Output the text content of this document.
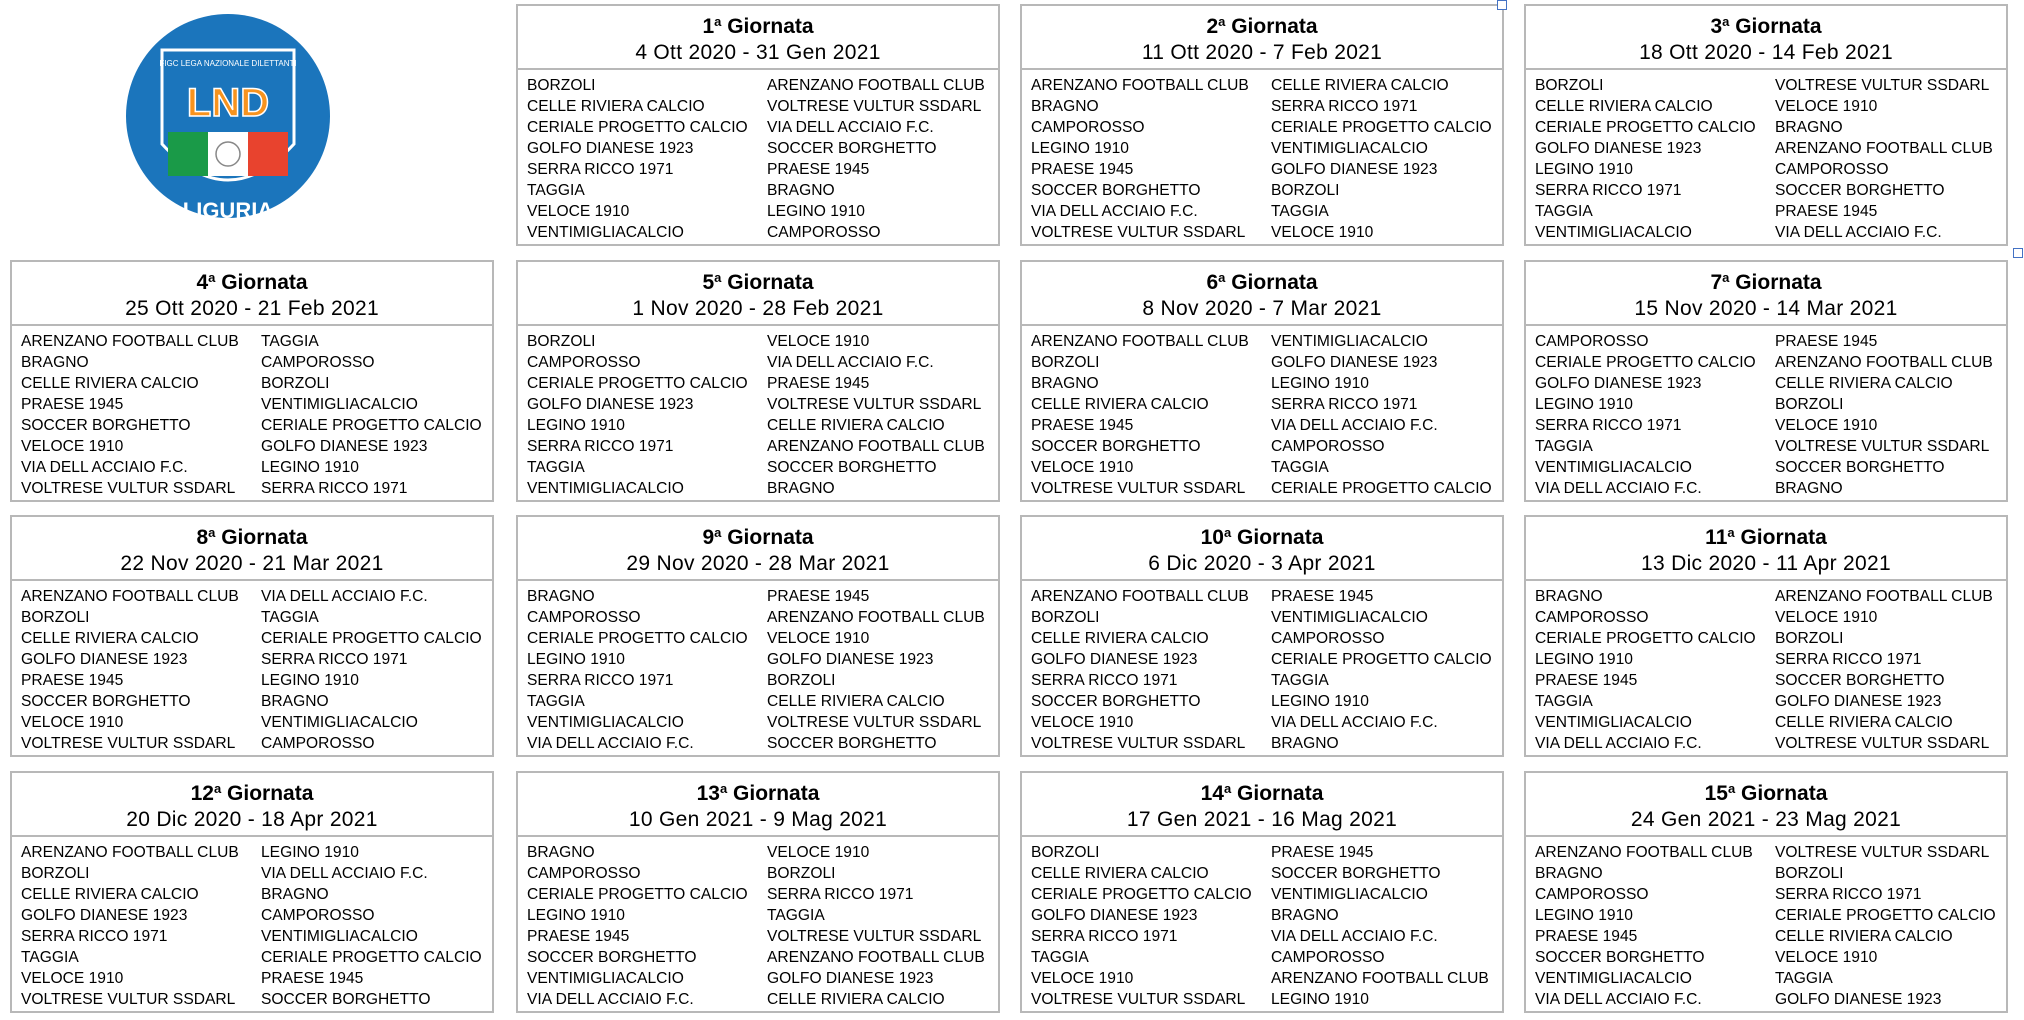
FIGC LEGA NAZIONALE DILETTANTI
LND
LIGURIA
1$^a$ Giornata
4 Ott 2020 - 31 Gen 2021
BORZOLI	ARENZANO FOOTBALL CLUB
CELLE RIVIERA CALCIO	VOLTRESE VULTUR SSDARL
CERIALE PROGETTO CALCIO	VIA DELL ACCIAIO F.C.
GOLFO DIANESE 1923	SOCCER BORGHETTO
SERRA RICCO 1971	PRAESE 1945
TAGGIA	BRAGNO
VELOCE 1910	LEGINO 1910
VENTIMIGLIACALCIO	CAMPOROSSO
2$^a$ Giornata
11 Ott 2020 - 7 Feb 2021
ARENZANO FOOTBALL CLUB	CELLE RIVIERA CALCIO
BRAGNO	SERRA RICCO 1971
CAMPOROSSO	CERIALE PROGETTO CALCIO
LEGINO 1910	VENTIMIGLIACALCIO
PRAESE 1945	GOLFO DIANESE 1923
SOCCER BORGHETTO	BORZOLI
VIA DELL ACCIAIO F.C.	TAGGIA
VOLTRESE VULTUR SSDARL	VELOCE 1910
3$^a$ Giornata
18 Ott 2020 - 14 Feb 2021
BORZOLI	VOLTRESE VULTUR SSDARL
CELLE RIVIERA CALCIO	VELOCE 1910
CERIALE PROGETTO CALCIO	BRAGNO
GOLFO DIANESE 1923	ARENZANO FOOTBALL CLUB
LEGINO 1910	CAMPOROSSO
SERRA RICCO 1971	SOCCER BORGHETTO
TAGGIA	PRAESE 1945
VENTIMIGLIACALCIO	VIA DELL ACCIAIO F.C.
4$^a$ Giornata
25 Ott 2020 - 21 Feb 2021
ARENZANO FOOTBALL CLUB	TAGGIA
BRAGNO	CAMPOROSSO
CELLE RIVIERA CALCIO	BORZOLI
PRAESE 1945	VENTIMIGLIACALCIO
SOCCER BORGHETTO	CERIALE PROGETTO CALCIO
VELOCE 1910	GOLFO DIANESE 1923
VIA DELL ACCIAIO F.C.	LEGINO 1910
VOLTRESE VULTUR SSDARL	SERRA RICCO 1971
5$^a$ Giornata
1 Nov 2020 - 28 Feb 2021
BORZOLI	VELOCE 1910
CAMPOROSSO	VIA DELL ACCIAIO F.C.
CERIALE PROGETTO CALCIO	PRAESE 1945
GOLFO DIANESE 1923	VOLTRESE VULTUR SSDARL
LEGINO 1910	CELLE RIVIERA CALCIO
SERRA RICCO 1971	ARENZANO FOOTBALL CLUB
TAGGIA	SOCCER BORGHETTO
VENTIMIGLIACALCIO	BRAGNO
6$^a$ Giornata
8 Nov 2020 - 7 Mar 2021
ARENZANO FOOTBALL CLUB	VENTIMIGLIACALCIO
BORZOLI	GOLFO DIANESE 1923
BRAGNO	LEGINO 1910
CELLE RIVIERA CALCIO	SERRA RICCO 1971
PRAESE 1945	VIA DELL ACCIAIO F.C.
SOCCER BORGHETTO	CAMPOROSSO
VELOCE 1910	TAGGIA
VOLTRESE VULTUR SSDARL	CERIALE PROGETTO CALCIO
7$^a$ Giornata
15 Nov 2020 - 14 Mar 2021
CAMPOROSSO	PRAESE 1945
CERIALE PROGETTO CALCIO	ARENZANO FOOTBALL CLUB
GOLFO DIANESE 1923	CELLE RIVIERA CALCIO
LEGINO 1910	BORZOLI
SERRA RICCO 1971	VELOCE 1910
TAGGIA	VOLTRESE VULTUR SSDARL
VENTIMIGLIACALCIO	SOCCER BORGHETTO
VIA DELL ACCIAIO F.C.	BRAGNO
8$^a$ Giornata
22 Nov 2020 - 21 Mar 2021
ARENZANO FOOTBALL CLUB	VIA DELL ACCIAIO F.C.
BORZOLI	TAGGIA
CELLE RIVIERA CALCIO	CERIALE PROGETTO CALCIO
GOLFO DIANESE 1923	SERRA RICCO 1971
PRAESE 1945	LEGINO 1910
SOCCER BORGHETTO	BRAGNO
VELOCE 1910	VENTIMIGLIACALCIO
VOLTRESE VULTUR SSDARL	CAMPOROSSO
9$^a$ Giornata
29 Nov 2020 - 28 Mar 2021
BRAGNO	PRAESE 1945
CAMPOROSSO	ARENZANO FOOTBALL CLUB
CERIALE PROGETTO CALCIO	VELOCE 1910
LEGINO 1910	GOLFO DIANESE 1923
SERRA RICCO 1971	BORZOLI
TAGGIA	CELLE RIVIERA CALCIO
VENTIMIGLIACALCIO	VOLTRESE VULTUR SSDARL
VIA DELL ACCIAIO F.C.	SOCCER BORGHETTO
10$^a$ Giornata
6 Dic 2020 - 3 Apr 2021
ARENZANO FOOTBALL CLUB	PRAESE 1945
BORZOLI	VENTIMIGLIACALCIO
CELLE RIVIERA CALCIO	CAMPOROSSO
GOLFO DIANESE 1923	CERIALE PROGETTO CALCIO
SERRA RICCO 1971	TAGGIA
SOCCER BORGHETTO	LEGINO 1910
VELOCE 1910	VIA DELL ACCIAIO F.C.
VOLTRESE VULTUR SSDARL	BRAGNO
11$^a$ Giornata
13 Dic 2020 - 11 Apr 2021
BRAGNO	ARENZANO FOOTBALL CLUB
CAMPOROSSO	VELOCE 1910
CERIALE PROGETTO CALCIO	BORZOLI
LEGINO 1910	SERRA RICCO 1971
PRAESE 1945	SOCCER BORGHETTO
TAGGIA	GOLFO DIANESE 1923
VENTIMIGLIACALCIO	CELLE RIVIERA CALCIO
VIA DELL ACCIAIO F.C.	VOLTRESE VULTUR SSDARL
12$^a$ Giornata
20 Dic 2020 - 18 Apr 2021
ARENZANO FOOTBALL CLUB	LEGINO 1910
BORZOLI	VIA DELL ACCIAIO F.C.
CELLE RIVIERA CALCIO	BRAGNO
GOLFO DIANESE 1923	CAMPOROSSO
SERRA RICCO 1971	VENTIMIGLIACALCIO
TAGGIA	CERIALE PROGETTO CALCIO
VELOCE 1910	PRAESE 1945
VOLTRESE VULTUR SSDARL	SOCCER BORGHETTO
13$^a$ Giornata
10 Gen 2021 - 9 Mag 2021
BRAGNO	VELOCE 1910
CAMPOROSSO	BORZOLI
CERIALE PROGETTO CALCIO	SERRA RICCO 1971
LEGINO 1910	TAGGIA
PRAESE 1945	VOLTRESE VULTUR SSDARL
SOCCER BORGHETTO	ARENZANO FOOTBALL CLUB
VENTIMIGLIACALCIO	GOLFO DIANESE 1923
VIA DELL ACCIAIO F.C.	CELLE RIVIERA CALCIO
14$^a$ Giornata
17 Gen 2021 - 16 Mag 2021
BORZOLI	PRAESE 1945
CELLE RIVIERA CALCIO	SOCCER BORGHETTO
CERIALE PROGETTO CALCIO	VENTIMIGLIACALCIO
GOLFO DIANESE 1923	BRAGNO
SERRA RICCO 1971	VIA DELL ACCIAIO F.C.
TAGGIA	CAMPOROSSO
VELOCE 1910	ARENZANO FOOTBALL CLUB
VOLTRESE VULTUR SSDARL	LEGINO 1910
15$^a$ Giornata
24 Gen 2021 - 23 Mag 2021
ARENZANO FOOTBALL CLUB	VOLTRESE VULTUR SSDARL
BRAGNO	BORZOLI
CAMPOROSSO	SERRA RICCO 1971
LEGINO 1910	CERIALE PROGETTO CALCIO
PRAESE 1945	CELLE RIVIERA CALCIO
SOCCER BORGHETTO	VELOCE 1910
VENTIMIGLIACALCIO	TAGGIA
VIA DELL ACCIAIO F.C.	GOLFO DIANESE 1923
